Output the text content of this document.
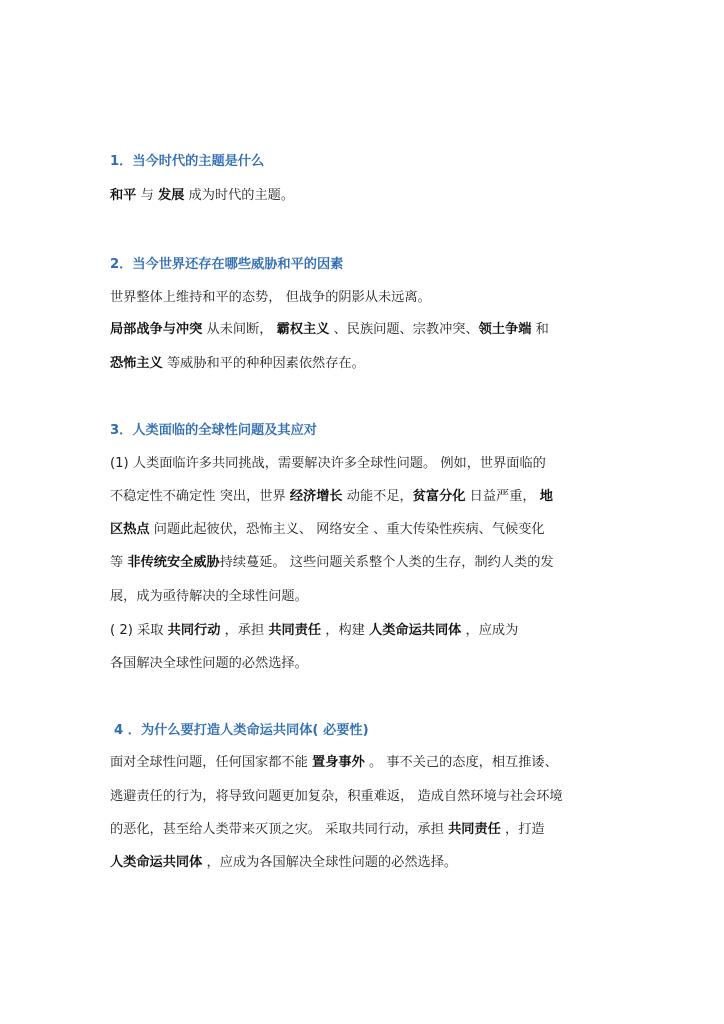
1．当今时代的主题是什么
和平 与 发展 成为时代的主题。
2．当今世界还存在哪些威胁和平的因素
世界整体上维持和平的态势， 但战争的阴影从未远离。
局部战争与冲突 从未间断， 霸权主义 、民族问题、宗教冲突、领土争端 和
恐怖主义 等威胁和平的种种因素依然存在。
3．人类面临的全球性问题及其应对
(1) 人类面临许多共同挑战，需要解决许多全球性问题。 例如，世界面临的
不稳定性不确定性 突出，世界 经济增长 动能不足，贫富分化 日益严重， 地
区热点 问题此起彼伏，恐怖主义、 网络安全 、重大传染性疾病、气候变化
等 非传统安全威胁持续蔓延。 这些问题关系整个人类的生存，制约人类的发
展，成为亟待解决的全球性问题。
( 2) 采取 共同行动 ，承担 共同责任 ，构建 人类命运共同体 ，应成为
各国解决全球性问题的必然选择。
4 ．为什么要打造人类命运共同体( 必要性)
面对全球性问题，任何国家都不能 置身事外 。 事不关己的态度，相互推诿、
逃避责任的行为，将导致问题更加复杂，积重难返， 造成自然环境与社会环境
的恶化，甚至给人类带来灭顶之灾。 采取共同行动，承担 共同责任 ，打造
人类命运共同体 ，应成为各国解决全球性问题的必然选择。
